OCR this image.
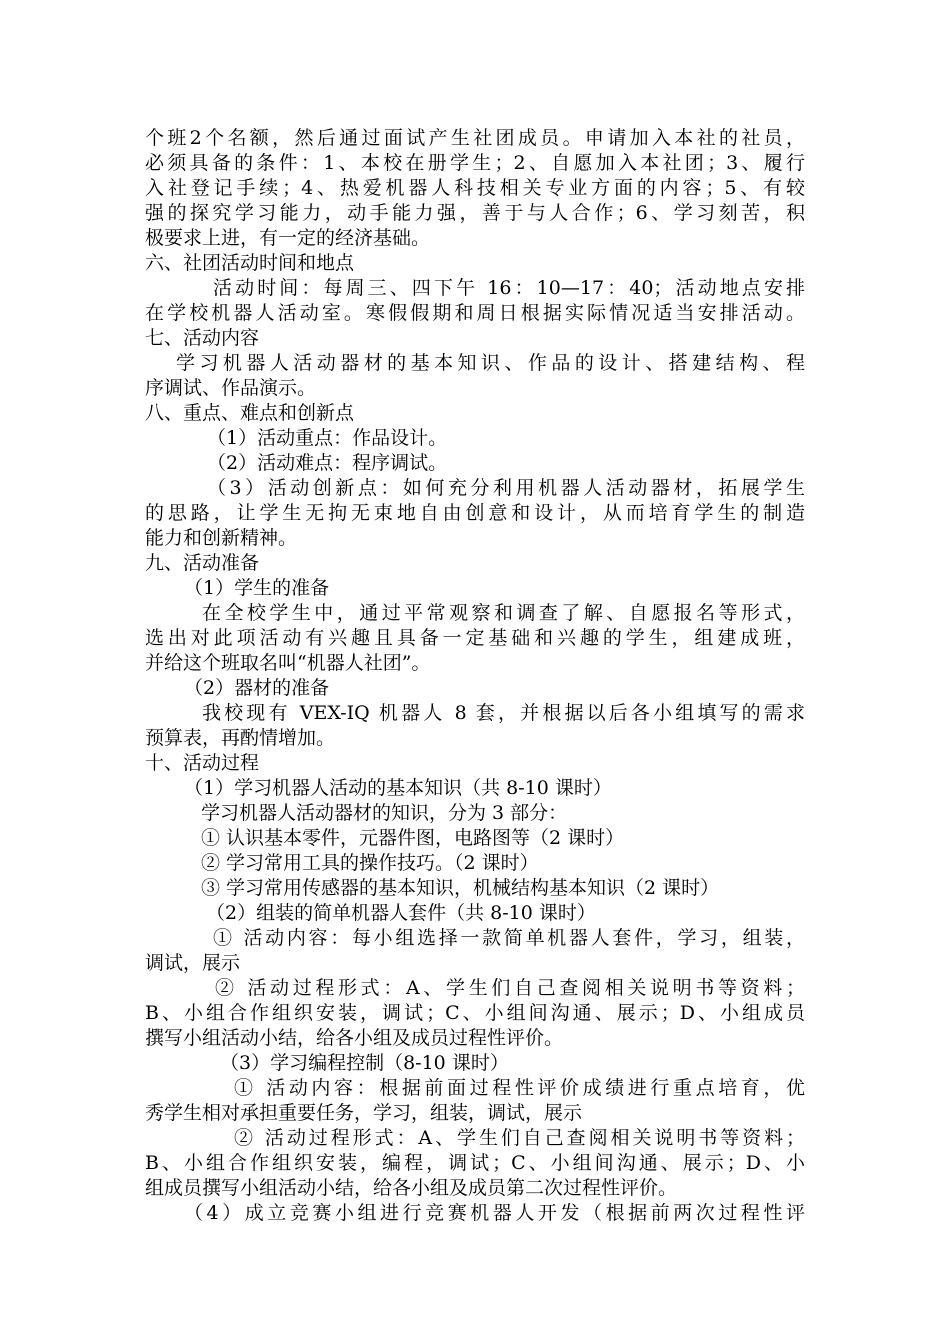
个班2个名额，然后通过面试产生社团成员。申请加入本社的社员，
必须具备的条件：1、本校在册学生；2、自愿加入本社团；3、履行
入社登记手续；4、热爱机器人科技相关专业方面的内容；5、有较
强的探究学习能力，动手能力强，善于与人合作；6、学习刻苦，积
极要求上进，有一定的经济基础。
六、社团活动时间和地点
活动时间：每周三、四下午 16：10—17：40；活动地点安排
在学校机器人活动室。寒假假期和周日根据实际情况适当安排活动。
七、活动内容
学习机器人活动器材的基本知识、作品的设计、搭建结构、程
序调试、作品演示。
八、重点、难点和创新点
（1）活动重点：作品设计。
（2）活动难点：程序调试。
（3）活动创新点：如何充分利用机器人活动器材，拓展学生
的思路，让学生无拘无束地自由创意和设计，从而培育学生的制造
能力和创新精神。
九、活动准备
（1）学生的准备
在全校学生中，通过平常观察和调查了解、自愿报名等形式，
选出对此项活动有兴趣且具备一定基础和兴趣的学生，组建成班，
并给这个班取名叫“机器人社团”。
（2）器材的准备
我校现有 VEX-IQ 机器人 8 套，并根据以后各小组填写的需求
预算表，再酌情增加。
十、活动过程
（1）学习机器人活动的基本知识（共 8-10 课时）
学习机器人活动器材的知识，分为 3 部分：
① 认识基本零件，元器件图，电路图等（2 课时）
② 学习常用工具的操作技巧。（2 课时）
③ 学习常用传感器的基本知识，机械结构基本知识（2 课时）
（2）组装的简单机器人套件（共 8-10 课时）
① 活动内容：每小组选择一款简单机器人套件，学习，组装，
调试，展示
② 活动过程形式：A、学生们自己查阅相关说明书等资料；
B、小组合作组织安装，调试；C、小组间沟通、展示；D、小组成员
撰写小组活动小结，给各小组及成员过程性评价。
（3）学习编程控制（8-10 课时）
① 活动内容：根据前面过程性评价成绩进行重点培育，优
秀学生相对承担重要任务，学习，组装，调试，展示
② 活动过程形式：A、学生们自己查阅相关说明书等资料；
B、小组合作组织安装，编程，调试；C、小组间沟通、展示；D、小
组成员撰写小组活动小结，给各小组及成员第二次过程性评价。
（4）成立竞赛小组进行竞赛机器人开发（根据前两次过程性评
